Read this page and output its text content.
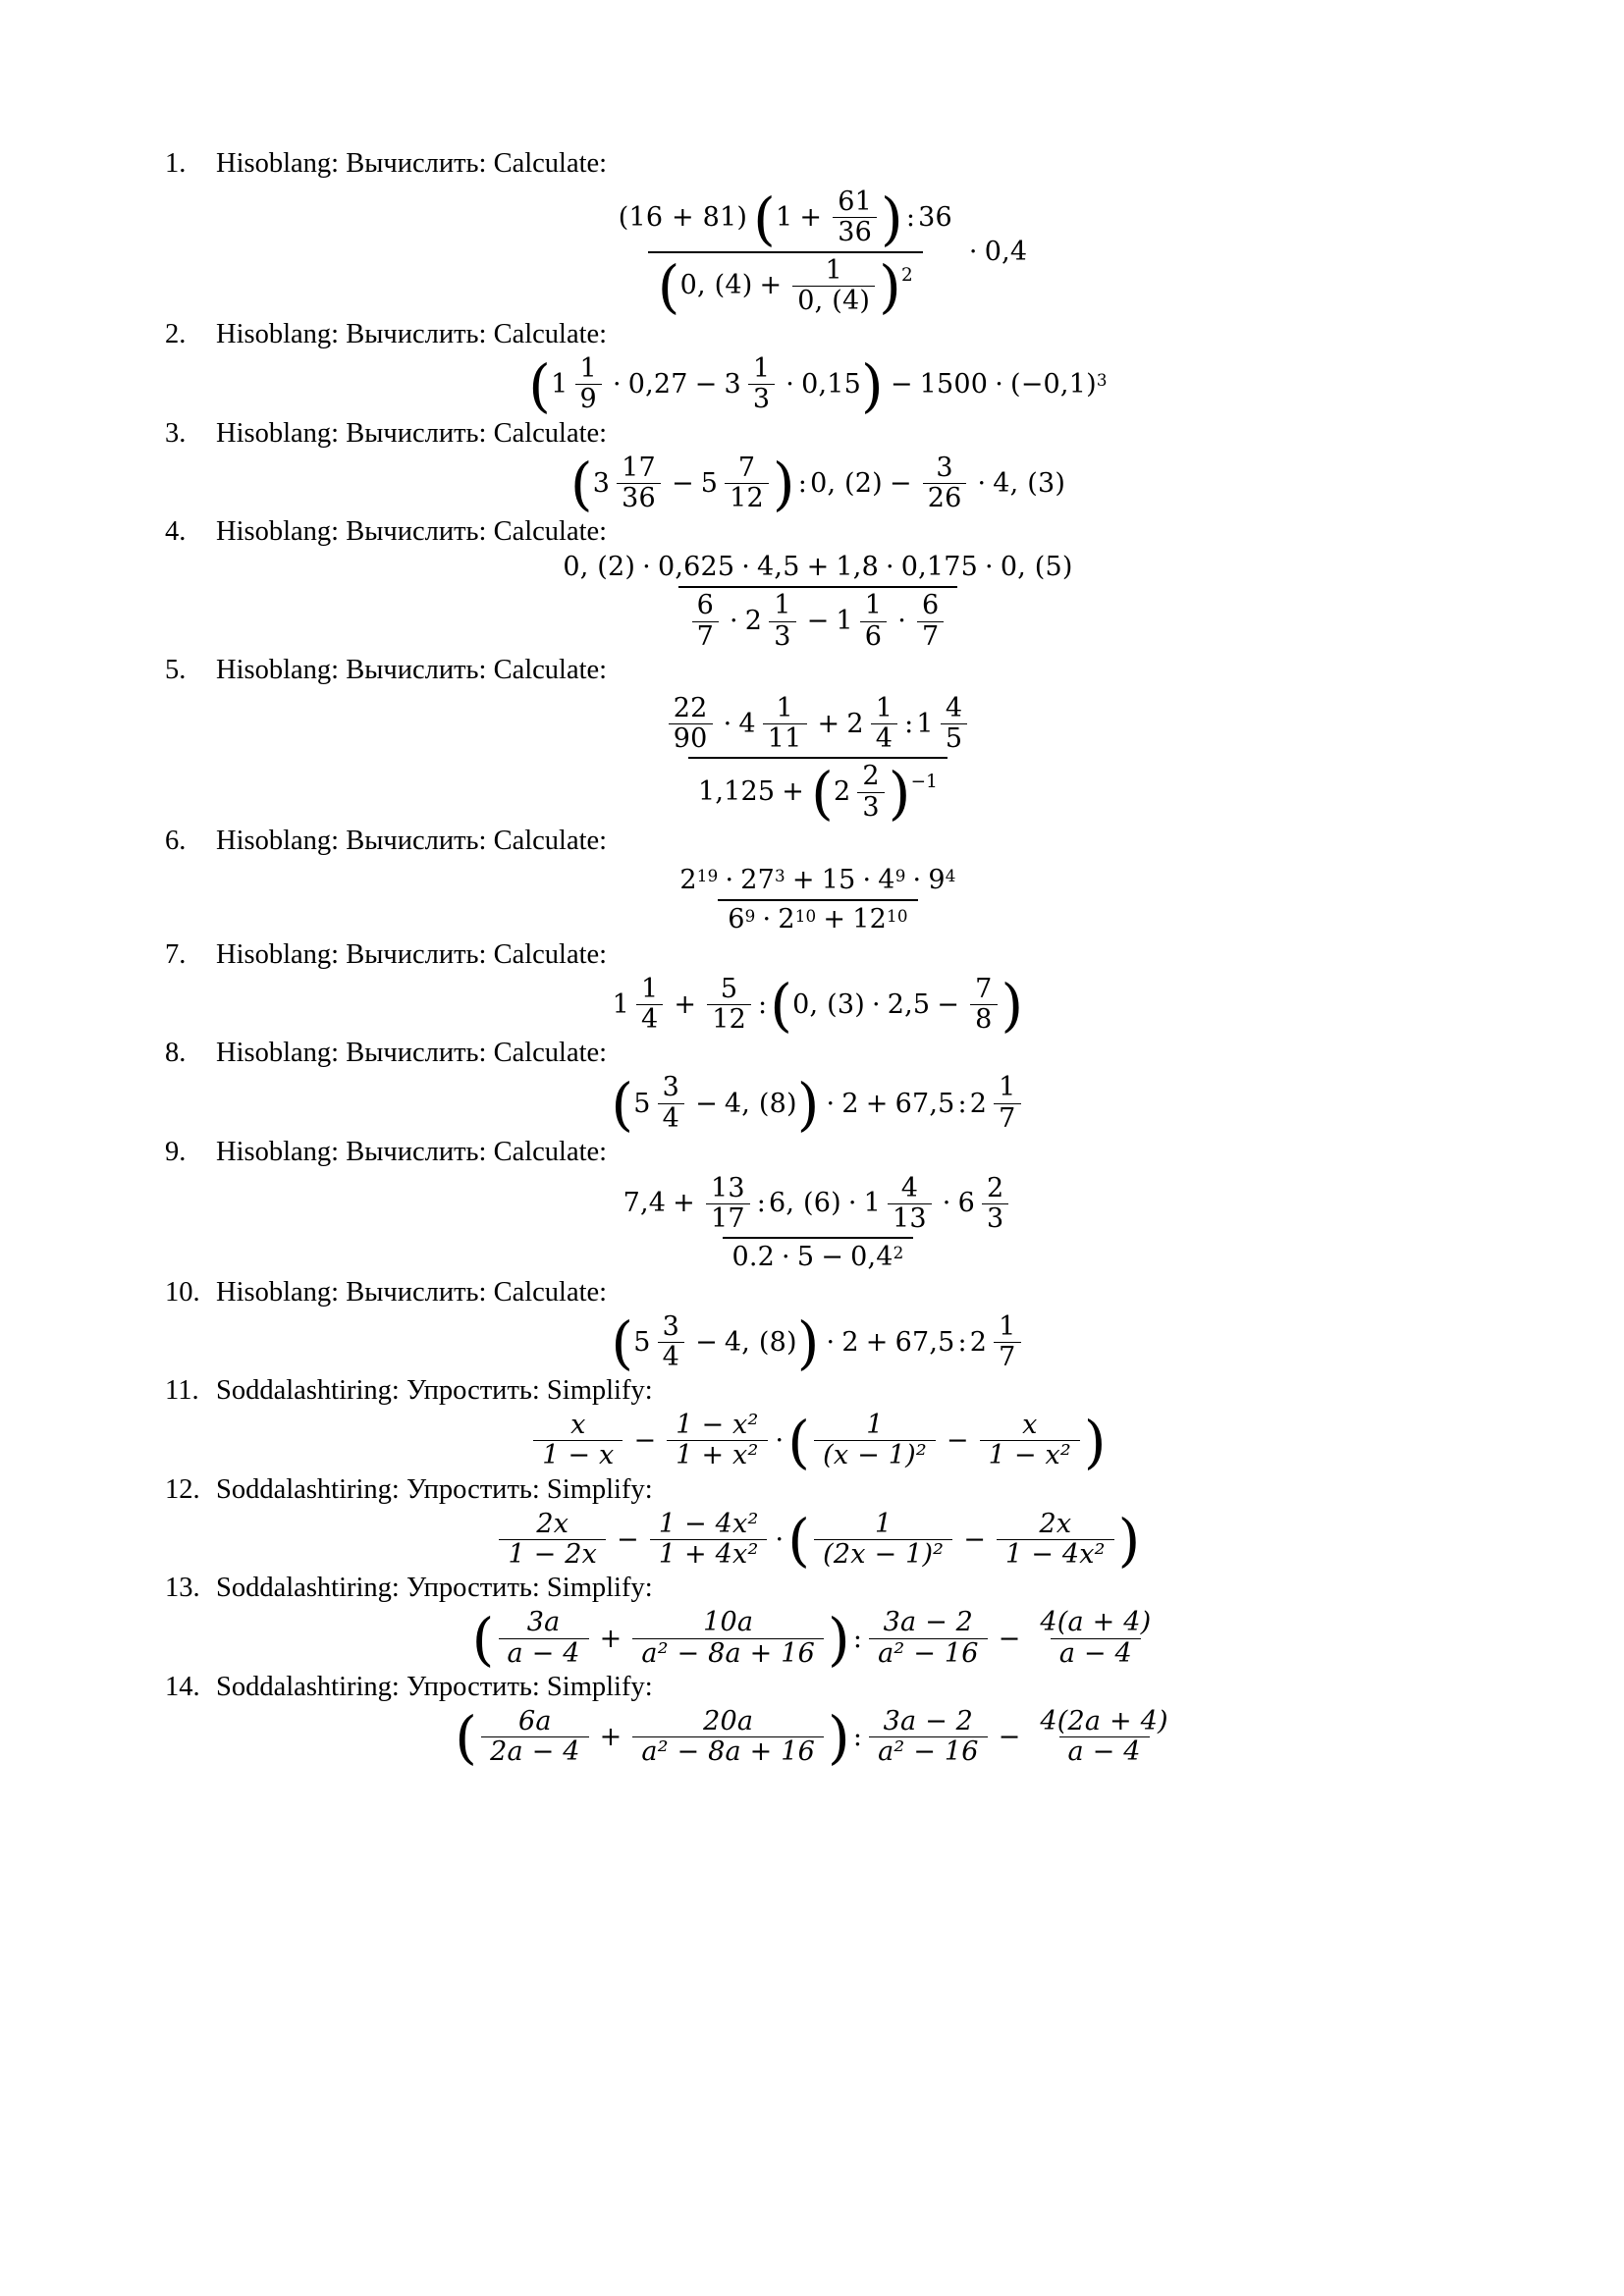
1.	Hisoblang: Вычислить: Calculate:
(16 + 81) ( $1 + \frac{61}{36}$ ) : 36
( 0, $(4) + \frac{1}{0, (4)}$ ) 2
· 0,4
2.	Hisoblang: Вычислить: Calculate:
( $1 \frac{1}{9} \cdot 0,27 - 3 \frac{1}{3} \cdot 0,15$ ) − 1500 · (−0,1) 3
3.	Hisoblang: Вычислить: Calculate:
( $3 \frac{17}{36} - 5 \frac{7}{12}$ ) : 0, $(2) - \frac{3}{26} \cdot 4$, (3)
4.	Hisoblang: Вычислить: Calculate:
0, (2) · 0,625 · 4,5 + 1,8 · 0,175 · 0, (5)
$\frac{6}{7} \cdot 2 \frac{1}{3} - 1 \frac{1}{6} \cdot \frac{6}{7}$
5.	Hisoblang: Вычислить: Calculate:
$\frac{22}{90} \cdot 4 \frac{1}{11} + 2 \frac{1}{4}$ : $1 \frac{4}{5}$
1,125 + ( $2 \frac{2}{3}$ ) −1
6.	Hisoblang: Вычислить: Calculate:
2 19 · 27 3 + 15 · 4 9 · 9 4
6 9 · 2 10 + 12 10
7.	Hisoblang: Вычислить: Calculate:
$1 \frac{1}{4} + \frac{5}{12}$ : ( 0, $(3) \cdot 2,5 - \frac{7}{8}$ )
8.	Hisoblang: Вычислить: Calculate:
( $5 \frac{3}{4} - 4$, (8) ) · 2 + 67,5 : $2 \frac{1}{7}$
9.	Hisoblang: Вычислить: Calculate:
$7,4 + \frac{13}{17}$ : 6, $(6) \cdot 1 \frac{4}{13} \cdot 6 \frac{2}{3}$
0.2 · 5 − 0,4 2
10. Hisoblang: Вычислить: Calculate:
( $5 \frac{3}{4} - 4$, (8) ) · 2 + 67,5 : $2 \frac{1}{7}$
11. Soddalashtiring: Упростить: Simplify:
$\frac{x}{1 - x} - \frac{\text{1 − x²}}{\text{1 + x²}}$ · ( $\frac{1}{\text{(x − 1)²}} - \frac{x}{\text{1 − x²}}$ )
12. Soddalashtiring: Упростить: Simplify:
$\frac{2x}{1 - 2x} - \frac{\text{1 − 4x²}}{\text{1 + 4x²}}$ · ( $\frac{1}{\text{(2x − 1)²}} - \frac{2x}{\text{1 − 4x²}}$ )
13. Soddalashtiring: Упростить: Simplify:
( $\frac{3a}{a - 4} + \frac{10a}{\text{a² − 8a + 16}}$ ) : $\frac{3a - 2}{\text{a² − 16}} - \frac{4(a + 4)}{a - 4}$
14. Soddalashtiring: Упростить: Simplify:
( $\frac{6a}{2a - 4} + \frac{20a}{\text{a² − 8a + 16}}$ ) : $\frac{3a - 2}{\text{a² − 16}} - \frac{4(2a + 4)}{a - 4}$
